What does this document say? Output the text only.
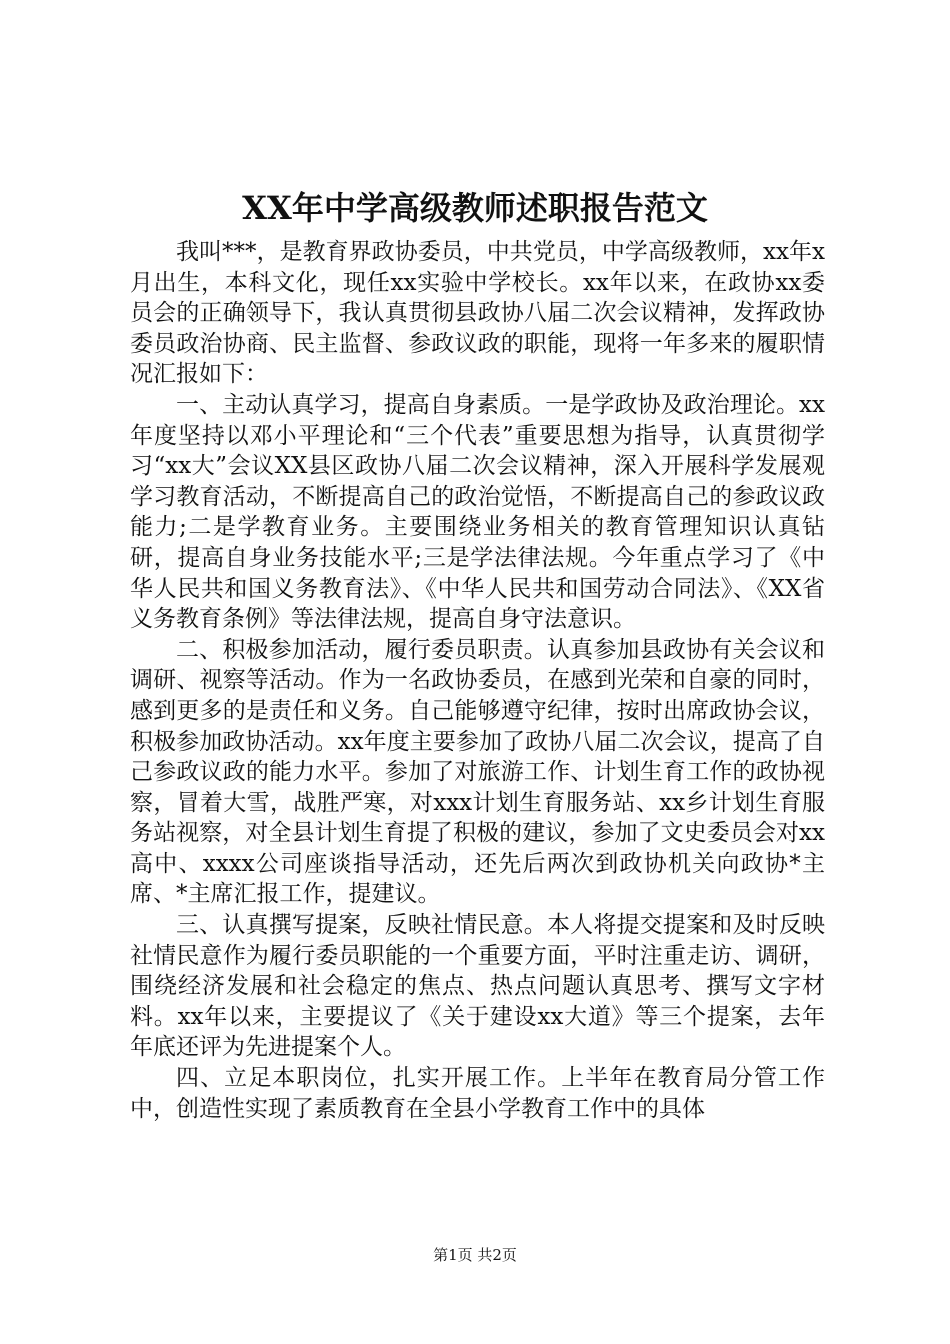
XX年中学高级教师述职报告范文

我叫***，是教育界政协委员，中共党员，中学高级教师，xx年x月出生，本科文化，现任xx实验中学校长。xx年以来，在政协xx委员会的正确领导下，我认真贯彻县政协八届二次会议精神，发挥政协委员政治协商、民主监督、参政议政的职能，现将一年多来的履职情况汇报如下：

一、主动认真学习，提高自身素质。一是学政协及政治理论。xx年度坚持以邓小平理论和“三个代表”重要思想为指导，认真贯彻学习“xx大”会议XX县区政协八届二次会议精神，深入开展科学发展观学习教育活动，不断提高自己的政治觉悟，不断提高自己的参政议政能力;二是学教育业务。主要围绕业务相关的教育管理知识认真钻研，提高自身业务技能水平;三是学法律法规。今年重点学习了《中华人民共和国义务教育法》、《中华人民共和国劳动合同法》、《XX省义务教育条例》等法律法规，提高自身守法意识。

二、积极参加活动，履行委员职责。认真参加县政协有关会议和调研、视察等活动。作为一名政协委员，在感到光荣和自豪的同时，感到更多的是责任和义务。自己能够遵守纪律，按时出席政协会议，积极参加政协活动。xx年度主要参加了政协八届二次会议，提高了自己参政议政的能力水平。参加了对旅游工作、计划生育工作的政协视察，冒着大雪，战胜严寒，对xxx计划生育服务站、xx乡计划生育服务站视察，对全县计划生育提了积极的建议，参加了文史委员会对xx高中、xxxx公司座谈指导活动，还先后两次到政协机关向政协*主席、*主席汇报工作，提建议。

三、认真撰写提案，反映社情民意。本人将提交提案和及时反映社情民意作为履行委员职能的一个重要方面，平时注重走访、调研，围绕经济发展和社会稳定的焦点、热点问题认真思考、撰写文字材料。xx年以来，主要提议了《关于建设xx大道》等三个提案，去年年底还评为先进提案个人。

四、立足本职岗位，扎实开展工作。上半年在教育局分管工作中，创造性实现了素质教育在全县小学教育工作中的具体

第1页 共2页
